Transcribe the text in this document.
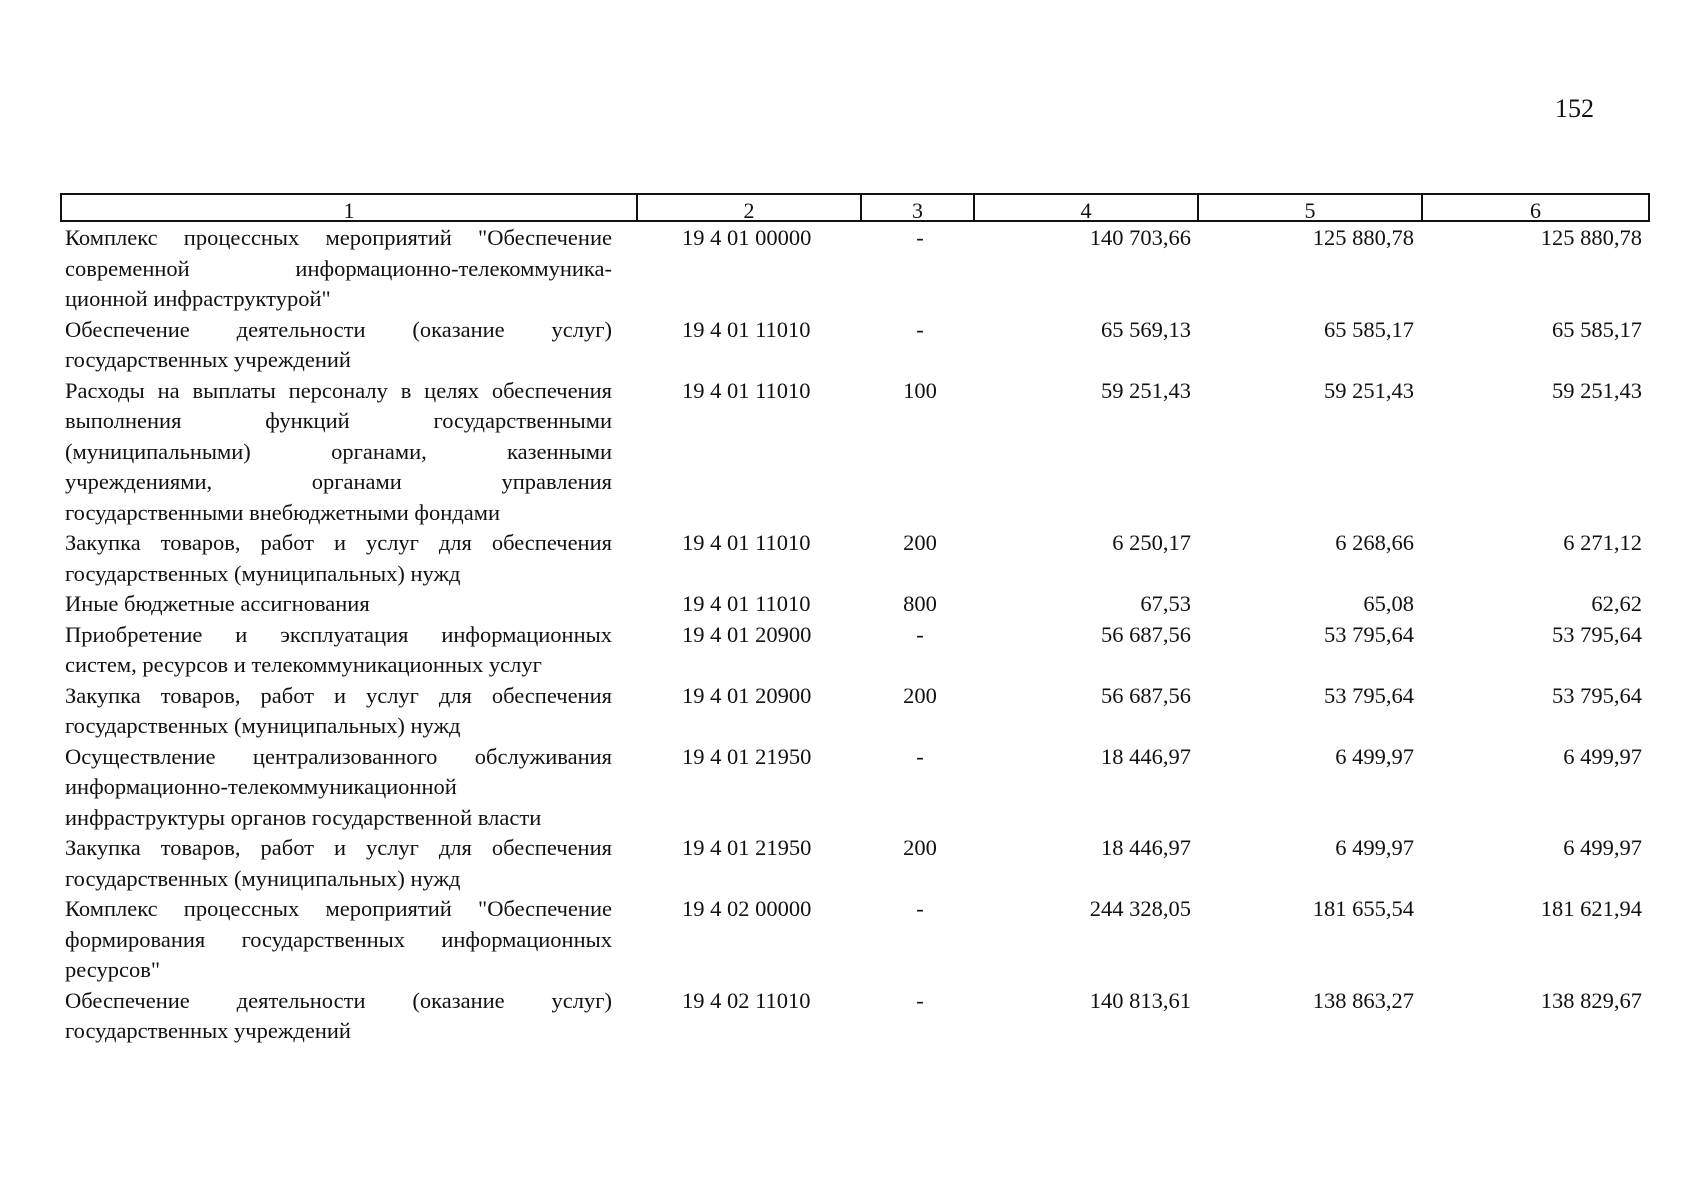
152
1	2	3	4	5	6
Комплекс процессных мероприятий "Обеспечение
современной информационно-телекоммуника-
ционной инфраструктурой"
19 4 01 00000	-	140 703,66	125 880,78	125 880,78
Обеспечение деятельности (оказание услуг)
государственных учреждений
19 4 01 11010	-	65 569,13	65 585,17	65 585,17
Расходы на выплаты персоналу в целях обеспечения
выполнения функций государственными
(муниципальными) органами, казенными
учреждениями, органами управления
государственными внебюджетными фондами
19 4 01 11010	100	59 251,43	59 251,43	59 251,43
Закупка товаров, работ и услуг для обеспечения
государственных (муниципальных) нужд
19 4 01 11010	200	6 250,17	6 268,66	6 271,12
Иные бюджетные ассигнования	19 4 01 11010	800	67,53	65,08	62,62
Приобретение и эксплуатация информационных
систем, ресурсов и телекоммуникационных услуг
19 4 01 20900	-	56 687,56	53 795,64	53 795,64
Закупка товаров, работ и услуг для обеспечения
государственных (муниципальных) нужд
19 4 01 20900	200	56 687,56	53 795,64	53 795,64
Осуществление централизованного обслуживания
информационно-телекоммуникационной
инфраструктуры органов государственной власти
19 4 01 21950	-	18 446,97	6 499,97	6 499,97
Закупка товаров, работ и услуг для обеспечения
государственных (муниципальных) нужд
19 4 01 21950	200	18 446,97	6 499,97	6 499,97
Комплекс процессных мероприятий "Обеспечение
формирования государственных информационных
ресурсов"
19 4 02 00000	-	244 328,05	181 655,54	181 621,94
Обеспечение деятельности (оказание услуг)
государственных учреждений
19 4 02 11010	-	140 813,61	138 863,27	138 829,67
